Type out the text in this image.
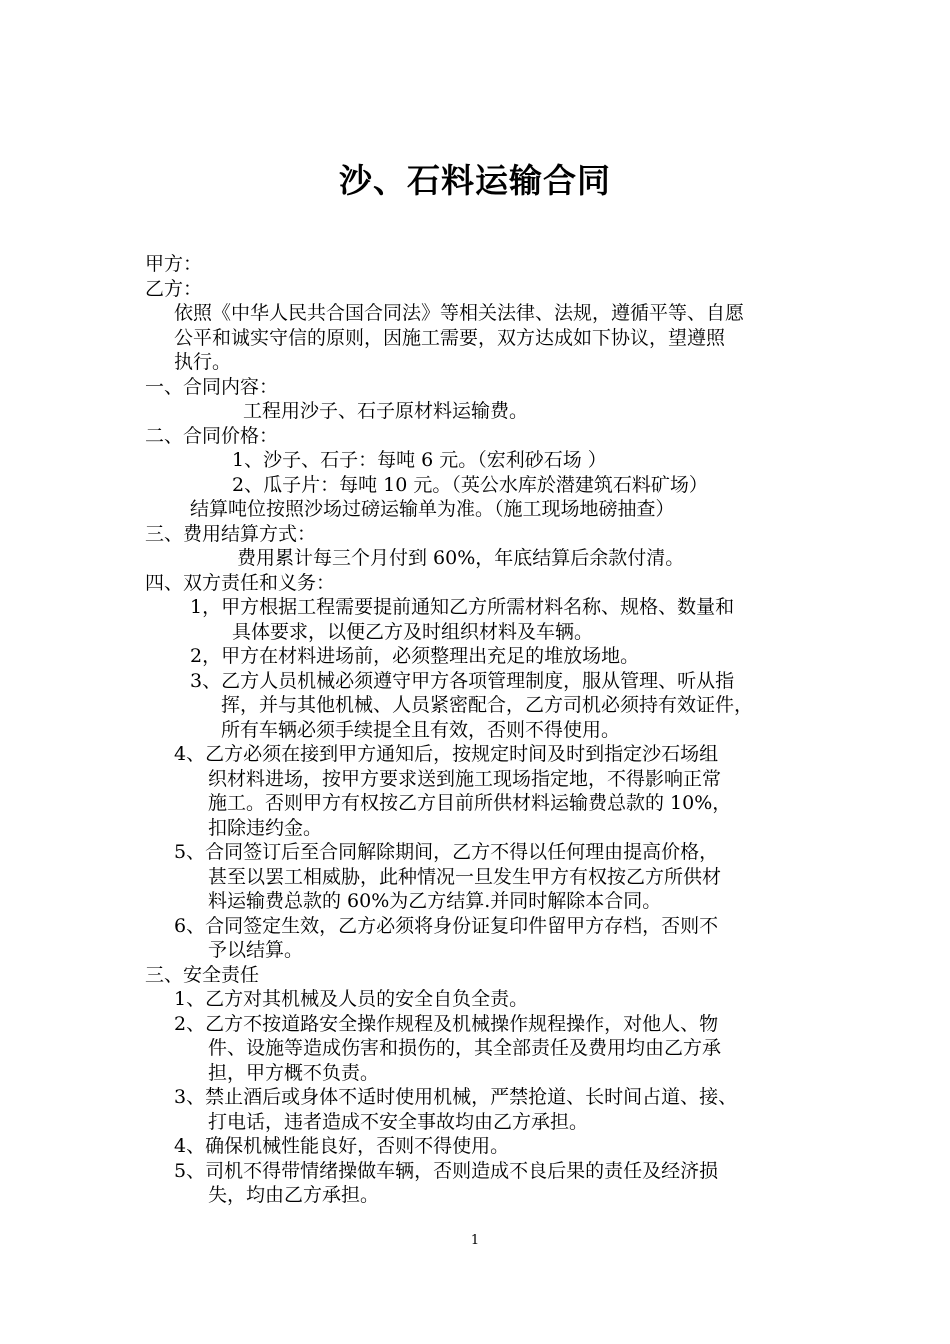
沙、石料运输合同
甲方：
乙方：
依照《中华人民共合国合同法》等相关法律、法规，遵循平等、自愿
公平和诚实守信的原则，因施工需要，双方达成如下协议，望遵照
执行。
一、合同内容：
工程用沙子、石子原材料运输费。
二、合同价格：
1、沙子、石子：每吨 6 元。（宏利砂石场 ）
2、瓜子片：每吨 10 元。（英公水库於潜建筑石料矿场）
结算吨位按照沙场过磅运输单为准。（施工现场地磅抽查）
三、费用结算方式：
费用累计每三个月付到 60%，年底结算后余款付清。
四、双方责任和义务：
1，甲方根据工程需要提前通知乙方所需材料名称、规格、数量和
具体要求，以便乙方及时组织材料及车辆。
2，甲方在材料进场前，必须整理出充足的堆放场地。
3、乙方人员机械必须遵守甲方各项管理制度，服从管理、听从指
挥，并与其他机械、人员紧密配合，乙方司机必须持有效证件，
所有车辆必须手续提全且有效，否则不得使用。
4、乙方必须在接到甲方通知后，按规定时间及时到指定沙石场组
织材料进场，按甲方要求送到施工现场指定地，不得影响正常
施工。否则甲方有权按乙方目前所供材料运输费总款的 10%，
扣除违约金。
5、合同签订后至合同解除期间，乙方不得以任何理由提高价格，
甚至以罢工相威胁，此种情况一旦发生甲方有权按乙方所供材
料运输费总款的 60%为乙方结算.并同时解除本合同。
6、合同签定生效，乙方必须将身份证复印件留甲方存档，否则不
予以结算。
三、安全责任
1、乙方对其机械及人员的安全自负全责。
2、乙方不按道路安全操作规程及机械操作规程操作，对他人、物
件、设施等造成伤害和损伤的，其全部责任及费用均由乙方承
担，甲方概不负责。
3、禁止酒后或身体不适时使用机械，严禁抢道、长时间占道、接、
打电话，违者造成不安全事故均由乙方承担。
4、确保机械性能良好，否则不得使用。
5、司机不得带情绪操做车辆，否则造成不良后果的责任及经济损
失，均由乙方承担。
1
